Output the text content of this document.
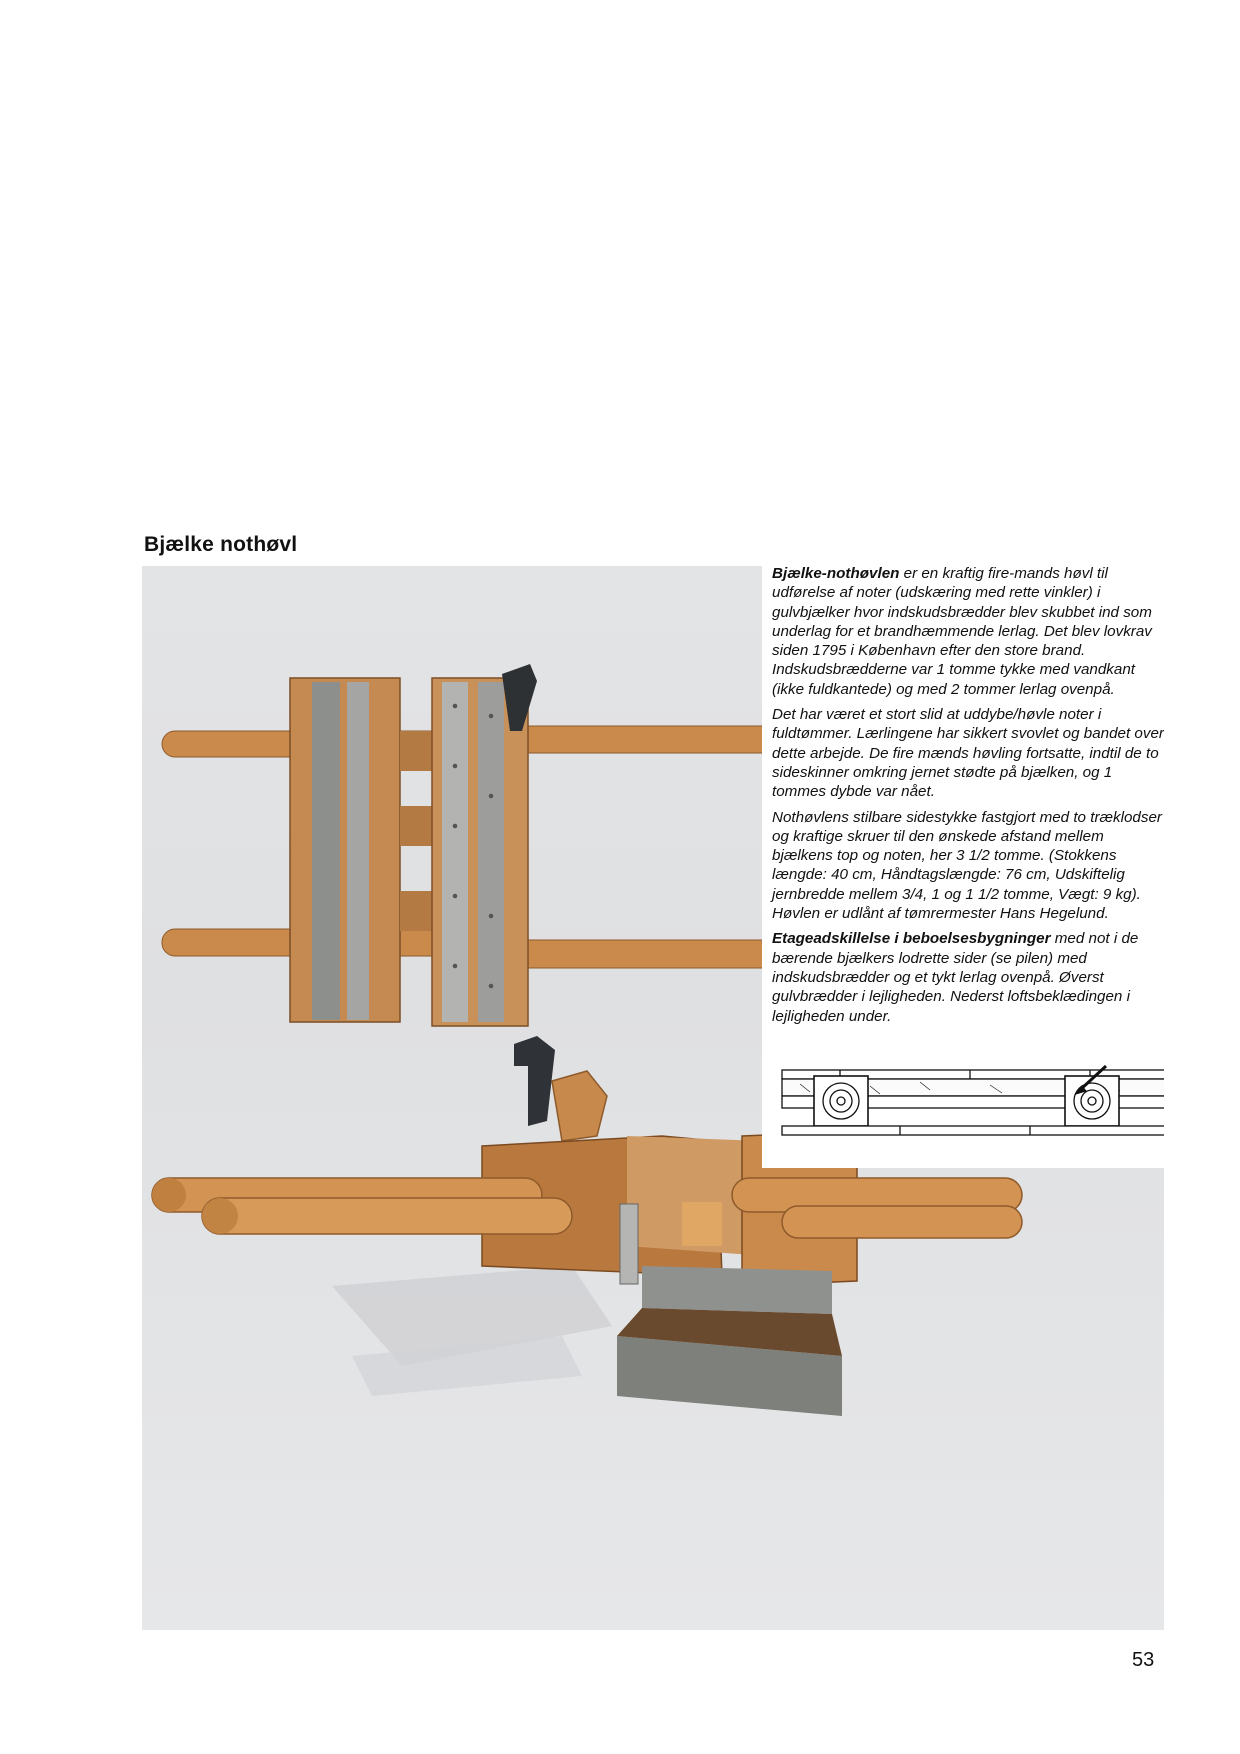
Bjælke nothøvl

Bjælke-nothøvlen er en kraftig fire-mands høvl til udførelse af noter (udskæring med rette vinkler) i gulvbjælker hvor indskudsbrædder blev skubbet ind som underlag for et brandhæmmende lerlag. Det blev lovkrav siden 1795 i København efter den store brand. Indskudsbrædderne var 1 tomme tykke med vandkant (ikke fuldkantede) og med 2 tommer lerlag ovenpå.

Det har været et stort slid at uddybe/høvle noter i fuldtømmer. Lærlingene har sikkert svovlet og bandet over dette arbejde. De fire mænds høvling fortsatte, indtil de to sideskinner omkring jernet stødte på bjælken, og 1 tommes dybde var nået.

Nothøvlens stilbare sidestykke fastgjort med to træklodser og kraftige skruer til den ønskede afstand mellem bjælkens top og noten, her 3 1/2 tomme. (Stokkens længde: 40 cm, Håndtagslængde: 76 cm, Udskiftelig jernbredde mellem 3/4, 1 og 1 1/2 tomme, Vægt: 9 kg). Høvlen er udlånt af tømrermester Hans Hegelund.

Etageadskillelse i beboelsesbygninger med not i de bærende bjælkers lodrette sider (se pilen) med indskudsbrædder og et tykt lerlag ovenpå. Øverst gulvbrædder i lejligheden. Nederst loftsbeklædingen i lejligheden under.

53
